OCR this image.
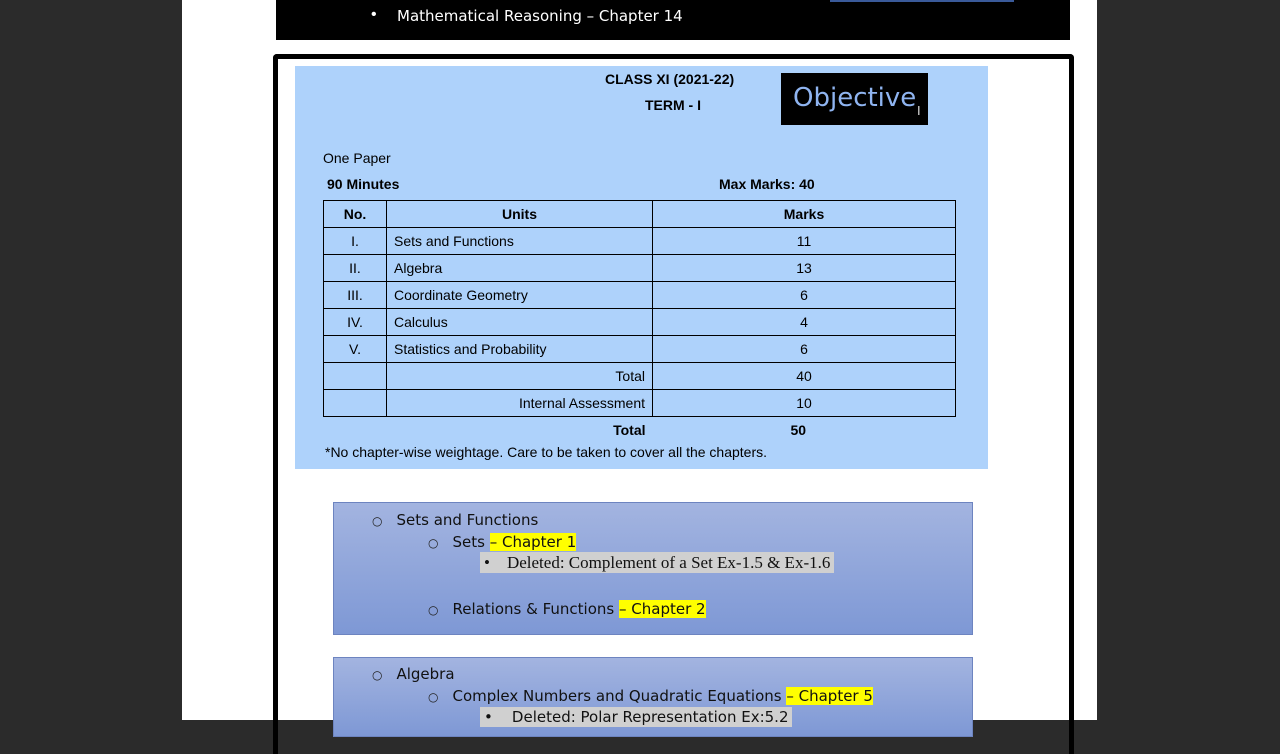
• Mathematical Reasoning – Chapter 14
CLASS XI (2021-22)
TERM - I	Objective I
One Paper
90 Minutes	Max Marks: 40
No.	Units	Marks
I.	Sets and Functions	11
II.	Algebra	13
III.	Coordinate Geometry	6
IV.	Calculus	4
V.	Statistics and Probability	6
	Total	40
	Internal Assessment	10
	Total	50
*No chapter-wise weightage. Care to be taken to cover all the chapters.
○ Sets and Functions
○ Sets – Chapter 1
•    Deleted: Complement of a Set Ex-1.5 & Ex-1.6
○ Relations & Functions – Chapter 2
○ Algebra
○ Complex Numbers and Quadratic Equations – Chapter 5
•    Deleted: Polar Representation Ex:5.2
